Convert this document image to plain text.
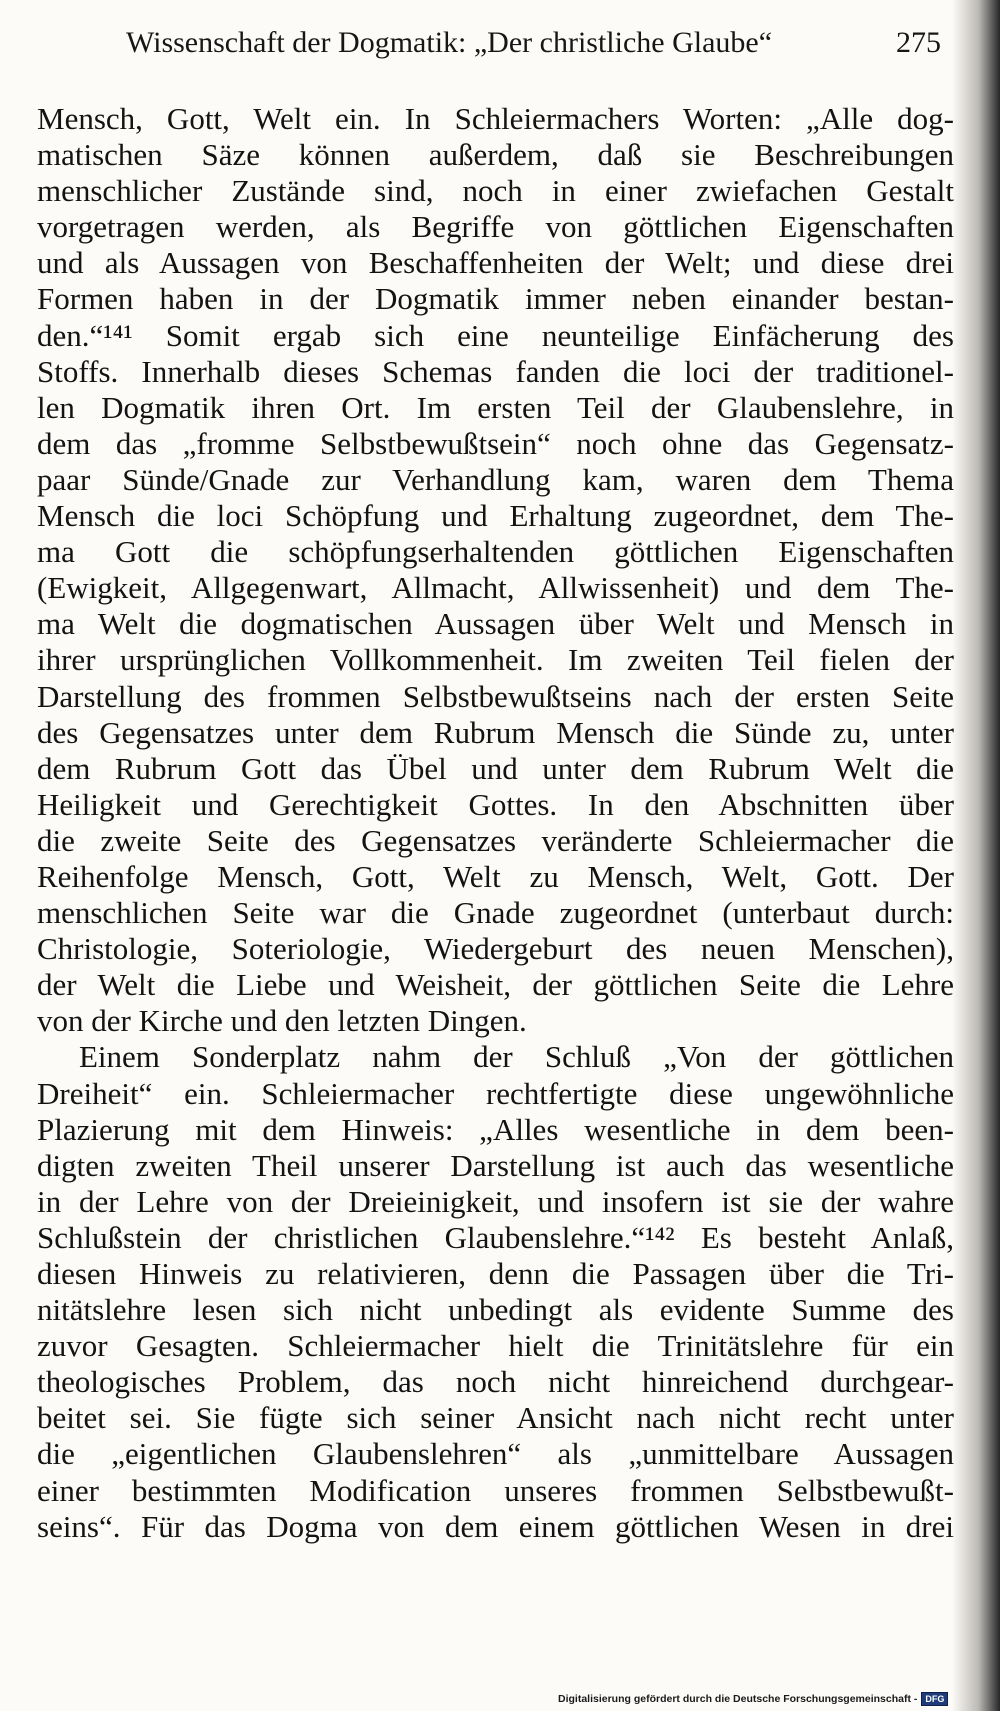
Wissenschaft der Dogmatik: „Der christliche Glaube“	275
Mensch, Gott, Welt ein. In Schleiermachers Worten: „Alle dog-
matischen Säze können außerdem, daß sie Beschreibungen
menschlicher Zustände sind, noch in einer zwiefachen Gestalt
vorgetragen werden, als Begriffe von göttlichen Eigenschaften
und als Aussagen von Beschaffenheiten der Welt; und diese drei
Formen haben in der Dogmatik immer neben einander bestan-
den.“¹⁴¹ Somit ergab sich eine neunteilige Einfächerung des
Stoffs. Innerhalb dieses Schemas fanden die loci der traditionel-
len Dogmatik ihren Ort. Im ersten Teil der Glaubenslehre, in
dem das „fromme Selbstbewußtsein“ noch ohne das Gegensatz-
paar Sünde/Gnade zur Verhandlung kam, waren dem Thema
Mensch die loci Schöpfung und Erhaltung zugeordnet, dem The-
ma Gott die schöpfungserhaltenden göttlichen Eigenschaften
(Ewigkeit, Allgegenwart, Allmacht, Allwissenheit) und dem The-
ma Welt die dogmatischen Aussagen über Welt und Mensch in
ihrer ursprünglichen Vollkommenheit. Im zweiten Teil fielen der
Darstellung des frommen Selbstbewußtseins nach der ersten Seite
des Gegensatzes unter dem Rubrum Mensch die Sünde zu, unter
dem Rubrum Gott das Übel und unter dem Rubrum Welt die
Heiligkeit und Gerechtigkeit Gottes. In den Abschnitten über
die zweite Seite des Gegensatzes veränderte Schleiermacher die
Reihenfolge Mensch, Gott, Welt zu Mensch, Welt, Gott. Der
menschlichen Seite war die Gnade zugeordnet (unterbaut durch:
Christologie, Soteriologie, Wiedergeburt des neuen Menschen),
der Welt die Liebe und Weisheit, der göttlichen Seite die Lehre
von der Kirche und den letzten Dingen.
Einem Sonderplatz nahm der Schluß „Von der göttlichen
Dreiheit“ ein. Schleiermacher rechtfertigte diese ungewöhnliche
Plazierung mit dem Hinweis: „Alles wesentliche in dem been-
digten zweiten Theil unserer Darstellung ist auch das wesentliche
in der Lehre von der Dreieinigkeit, und insofern ist sie der wahre
Schlußstein der christlichen Glaubenslehre.“¹⁴² Es besteht Anlaß,
diesen Hinweis zu relativieren, denn die Passagen über die Tri-
nitätslehre lesen sich nicht unbedingt als evidente Summe des
zuvor Gesagten. Schleiermacher hielt die Trinitätslehre für ein
theologisches Problem, das noch nicht hinreichend durchgear-
beitet sei. Sie fügte sich seiner Ansicht nach nicht recht unter
die „eigentlichen Glaubenslehren“ als „unmittelbare Aussagen
einer bestimmten Modification unseres frommen Selbstbewußt-
seins“. Für das Dogma von dem einem göttlichen Wesen in drei
Digitalisierung gefördert durch die Deutsche Forschungsgemeinschaft - DFG
